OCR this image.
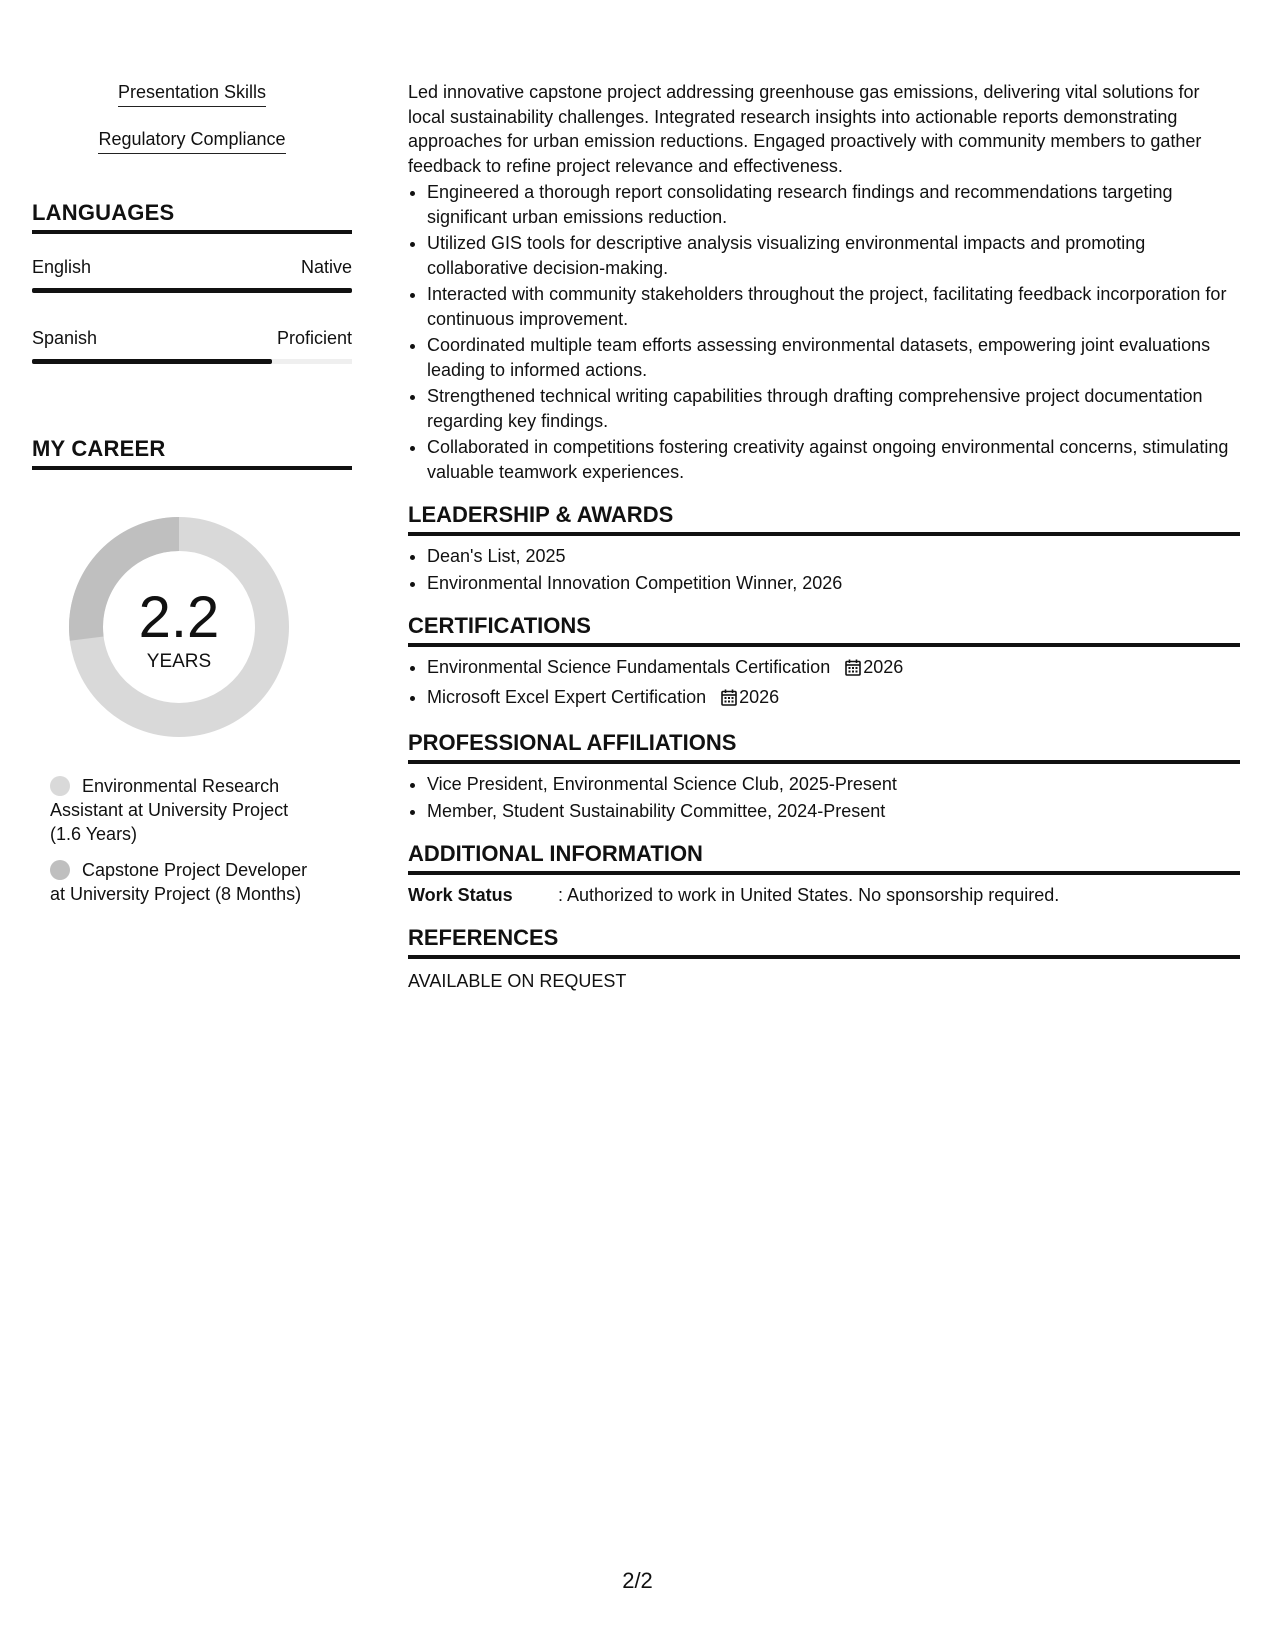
Presentation Skills
Regulatory Compliance
LANGUAGES
English	Native
Spanish	Proficient
MY CAREER
2.2
YEARS
Environmental Research Assistant at University Project (1.6 Years)
Capstone Project Developer at University Project (8 Months)

Led innovative capstone project addressing greenhouse gas emissions, delivering vital solutions for local sustainability challenges. Integrated research insights into actionable reports demonstrating approaches for urban emission reductions. Engaged proactively with community members to gather feedback to refine project relevance and effectiveness.

• Engineered a thorough report consolidating research findings and recommendations targeting significant urban emissions reduction.
• Utilized GIS tools for descriptive analysis visualizing environmental impacts and promoting collaborative decision-making.
• Interacted with community stakeholders throughout the project, facilitating feedback incorporation for continuous improvement.
• Coordinated multiple team efforts assessing environmental datasets, empowering joint evaluations leading to informed actions.
• Strengthened technical writing capabilities through drafting comprehensive project documentation regarding key findings.
• Collaborated in competitions fostering creativity against ongoing environmental concerns, stimulating valuable teamwork experiences.
LEADERSHIP & AWARDS
• Dean's List, 2025
• Environmental Innovation Competition Winner, 2026
CERTIFICATIONS
• Environmental Science Fundamentals Certification 2026
• Microsoft Excel Expert Certification 2026
PROFESSIONAL AFFILIATIONS
• Vice President, Environmental Science Club, 2025-Present
• Member, Student Sustainability Committee, 2024-Present
ADDITIONAL INFORMATION
Work Status	: Authorized to work in United States. No sponsorship required.
REFERENCES
AVAILABLE ON REQUEST
2/2
